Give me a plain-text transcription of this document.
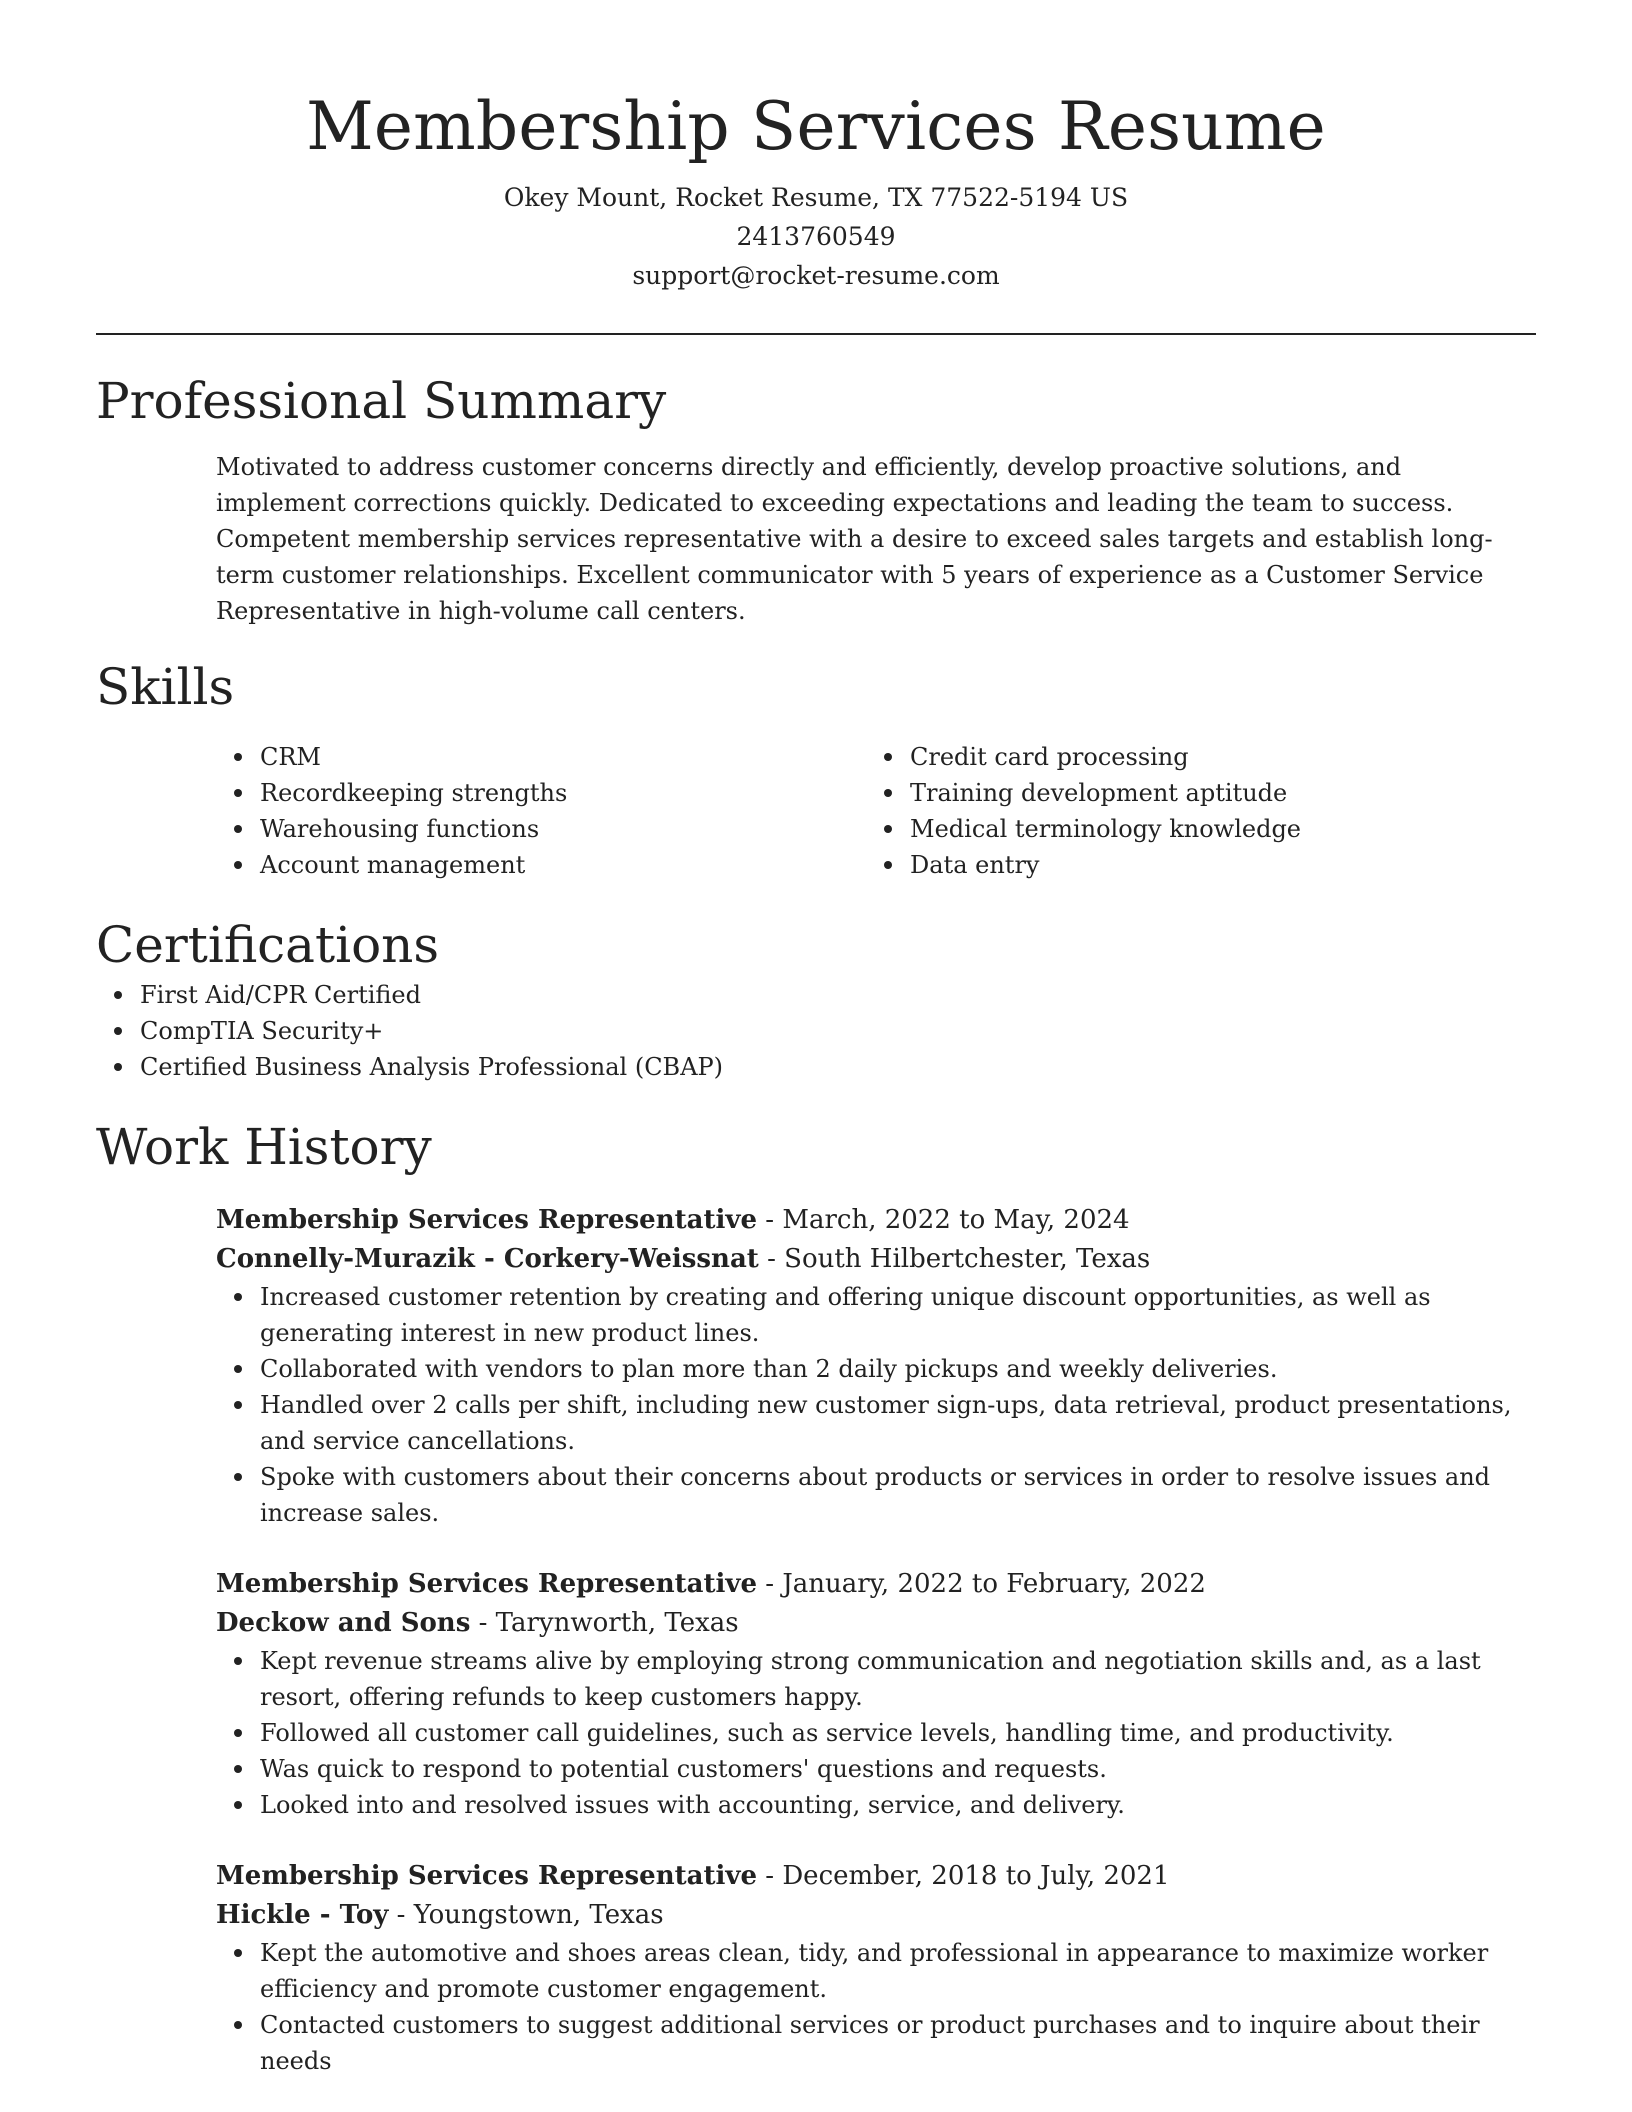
Membership Services Resume

Okey Mount, Rocket Resume, TX 77522-5194 US

2413760549

support@rocket-resume.com

Professional Summary

Motivated to address customer concerns directly and efficiently, develop proactive solutions, and implement corrections quickly. Dedicated to exceeding expectations and leading the team to success. Competent membership services representative with a desire to exceed sales targets and establish long-term customer relationships. Excellent communicator with 5 years of experience as a Customer Service Representative in high-volume call centers.

Skills
CRM
Recordkeeping strengths
Warehousing functions
Account management
Credit card processing
Training development aptitude
Medical terminology knowledge
Data entry
Certifications
First Aid/CPR Certified
CompTIA Security+
Certified Business Analysis Professional (CBAP)
Work History

Membership Services Representative - March, 2022 to May, 2024

Connelly-Murazik - Corkery-Weissnat - South Hilbertchester, Texas

Increased customer retention by creating and offering unique discount opportunities, as well as generating interest in new product lines.
Collaborated with vendors to plan more than 2 daily pickups and weekly deliveries.
Handled over 2 calls per shift, including new customer sign-ups, data retrieval, product presentations, and service cancellations.
Spoke with customers about their concerns about products or services in order to resolve issues and increase sales.

Membership Services Representative - January, 2022 to February, 2022

Deckow and Sons - Tarynworth, Texas

Kept revenue streams alive by employing strong communication and negotiation skills and, as a last resort, offering refunds to keep customers happy.
Followed all customer call guidelines, such as service levels, handling time, and productivity.
Was quick to respond to potential customers' questions and requests.
Looked into and resolved issues with accounting, service, and delivery.

Membership Services Representative - December, 2018 to July, 2021

Hickle - Toy - Youngstown, Texas

Kept the automotive and shoes areas clean, tidy, and professional in appearance to maximize worker efficiency and promote customer engagement.
Contacted customers to suggest additional services or product purchases and to inquire about their needs
